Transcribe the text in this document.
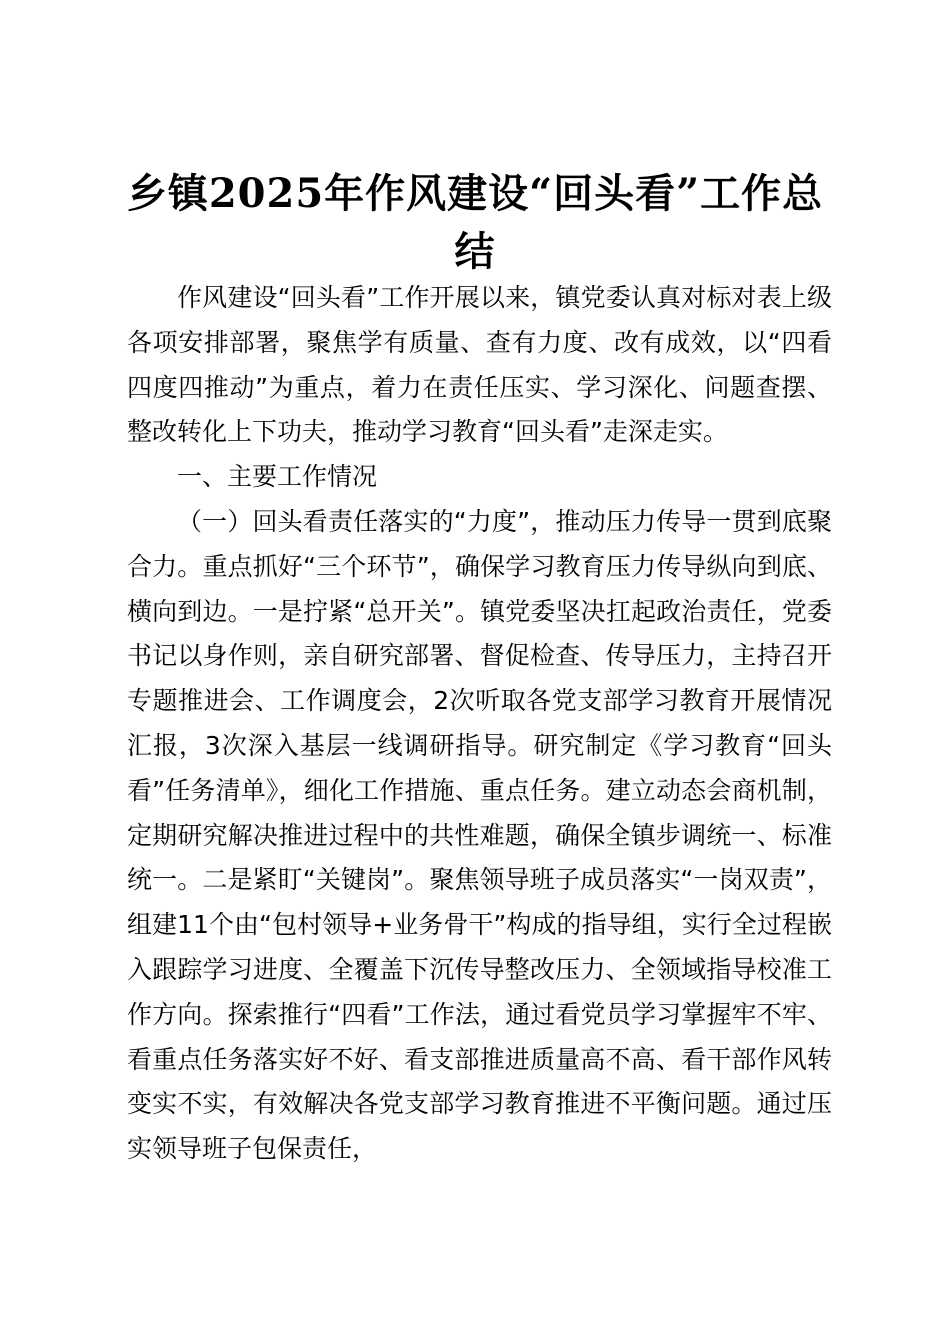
乡镇2025年作风建设“回头看”工作总结

作风建设“回头看”工作开展以来，镇党委认真对标对表上级各项安排部署，聚焦学有质量、查有力度、改有成效，以“四看四度四推动”为重点，着力在责任压实、学习深化、问题查摆、整改转化上下功夫，推动学习教育“回头看”走深走实。

一、主要工作情况

（一）回头看责任落实的“力度”，推动压力传导一贯到底聚合力。重点抓好“三个环节”，确保学习教育压力传导纵向到底、横向到边。一是拧紧“总开关”。镇党委坚决扛起政治责任，党委书记以身作则，亲自研究部署、督促检查、传导压力，主持召开专题推进会、工作调度会，2次听取各党支部学习教育开展情况汇报，3次深入基层一线调研指导。研究制定《学习教育“回头看”任务清单》，细化工作措施、重点任务。建立动态会商机制，定期研究解决推进过程中的共性难题，确保全镇步调统一、标准统一。二是紧盯“关键岗”。聚焦领导班子成员落实“一岗双责”，组建11个由“包村领导+业务骨干”构成的指导组，实行全过程嵌入跟踪学习进度、全覆盖下沉传导整改压力、全领域指导校准工作方向。探索推行“四看”工作法，通过看党员学习掌握牢不牢、看重点任务落实好不好、看支部推进质量高不高、看干部作风转变实不实，有效解决各党支部学习教育推进不平衡问题。通过压实领导班子包保责任，
